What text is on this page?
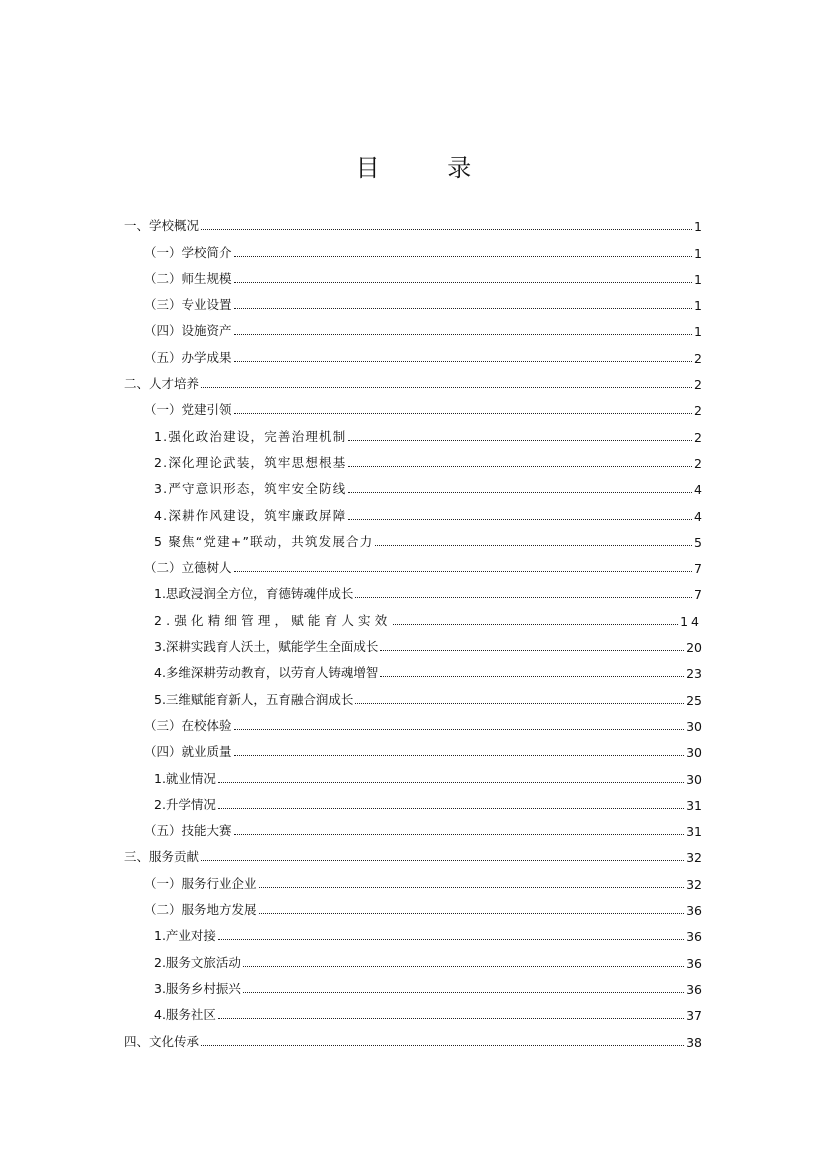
目 录
一、学校概况	1
（一）学校简介	1
（二）师生规模	1
（三）专业设置	1
（四）设施资产	1
（五）办学成果	2
二、人才培养	2
（一）党建引领	2
1.强化政治建设，完善治理机制	2
2.深化理论武装，筑牢思想根基	2
3.严守意识形态，筑牢安全防线	4
4.深耕作风建设，筑牢廉政屏障	4
5 聚焦“党建+”联动，共筑发展合力	5
（二）立德树人	7
1.思政浸润全方位，育德铸魂伴成长	7
2.强化精细管理，赋能育人实效	14
3.深耕实践育人沃土，赋能学生全面成长	20
4.多维深耕劳动教育，以劳育人铸魂增智	23
5.三维赋能育新人，五育融合润成长	25
（三）在校体验	30
（四）就业质量	30
1.就业情况	30
2.升学情况	31
（五）技能大赛	31
三、服务贡献	32
（一）服务行业企业	32
（二）服务地方发展	36
1.产业对接	36
2.服务文旅活动	36
3.服务乡村振兴	36
4.服务社区	37
四、文化传承	38
